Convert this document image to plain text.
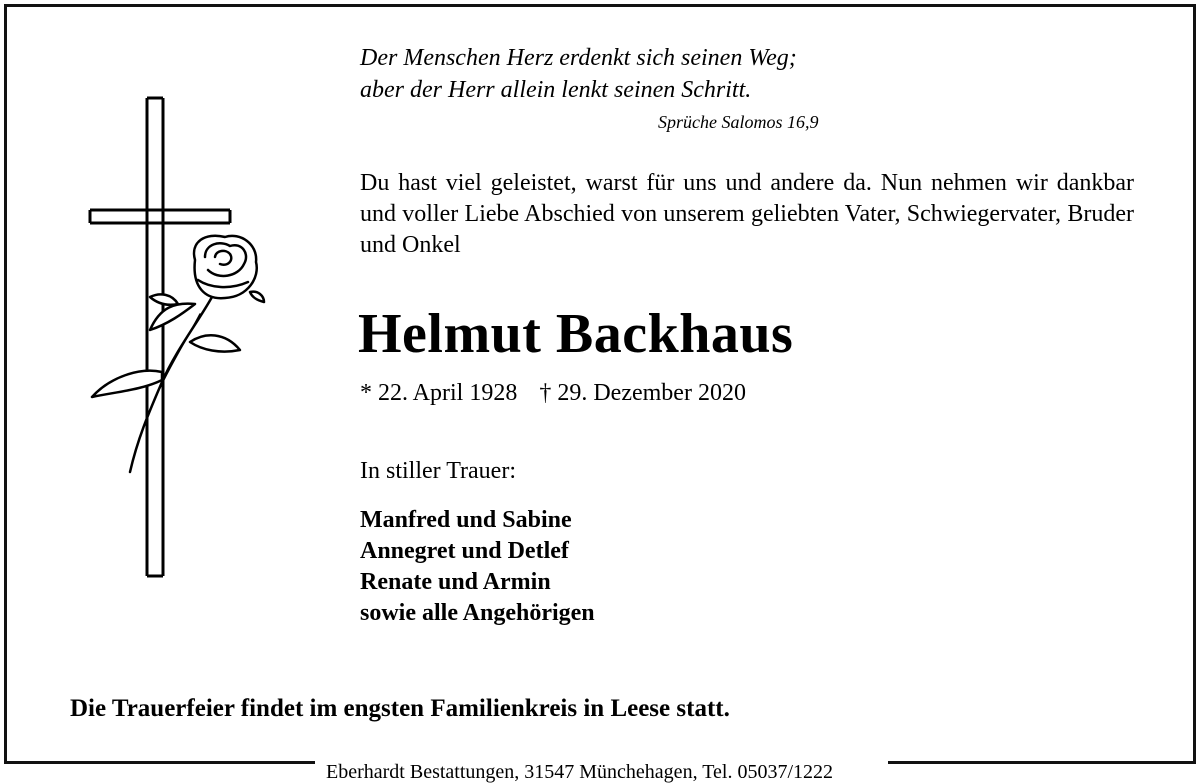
Der Menschen Herz erdenkt sich seinen Weg;
aber der Herr allein lenkt seinen Schritt.
Sprüche Salomos 16,9
Du hast viel geleistet, warst für uns und andere da. Nun nehmen wir dankbar und voller Liebe Abschied von unserem geliebten Vater, Schwiegervater, Bruder und Onkel
Helmut Backhaus
* 22. April 1928 † 29. Dezember 2020
In stiller Trauer:
Manfred und Sabine
Annegret und Detlef
Renate und Armin
sowie alle Angehörigen
Die Trauerfeier findet im engsten Familienkreis in Leese statt.
Eberhardt Bestattungen, 31547 Münchehagen, Tel. 05037/1222
